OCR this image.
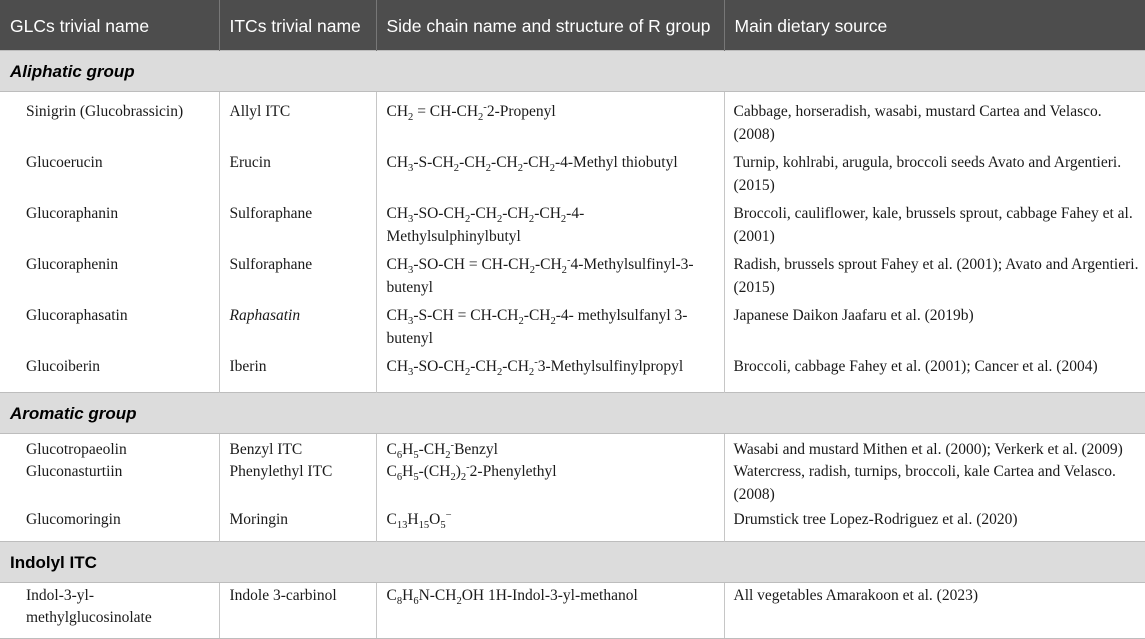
GLCs trivial name	ITCs trivial name	Side chain name and structure of R group	Main dietary source
Aliphatic group			
Sinigrin (Glucobrassicin)	Allyl ITC	$CH_2$ = $CH-CH_2^-2$-Propenyl	Cabbage, horseradish, wasabi, mustard Cartea and Velasco. (2008)
Glucoerucin	Erucin	$CH_3-S-CH_2-CH_2-CH_2-CH_2-4$-Methyl thiobutyl	Turnip, kohlrabi, arugula, broccoli seeds Avato and Argentieri. (2015)
Glucoraphanin	Sulforaphane	$CH_3-SO-CH_2-CH_2-CH_2-CH_2-4$-Methylsulphinylbutyl	Broccoli, cauliflower, kale, brussels sprout, cabbage Fahey et al. (2001)
Glucoraphenin	Sulforaphane	$CH_3-SO-CH$ = $CH-CH_2-CH_2^-4-Methylsulfinyl-3$-butenyl	Radish, brussels sprout Fahey et al. (2001); Avato and Argentieri. (2015)
Glucoraphasatin	Raphasatin	$CH_3-S-CH = CH-CH_2-CH_2-4-$ methylsulfanyl 3-butenyl	Japanese Daikon Jaafaru et al. (2019b)
Glucoiberin	Iberin	$CH_3-SO-CH_2-CH_2-CH_2^-3$-Methylsulfinylpropyl	Broccoli, cabbage Fahey et al. (2001); Cancer et al. (2004)
Aromatic group			
Glucotropaeolin	Benzyl ITC	$C_6H_5-CH_2^-Benzyl$	Wasabi and mustard Mithen et al. (2000); Verkerk et al. (2009)
Gluconasturtiin	Phenylethyl ITC	$C_6H_5-(CH_2)_2^-2$-Phenylethyl	Watercress, radish, turnips, broccoli, kale Cartea and Velasco. (2008)
Glucomoringin	Moringin	$C_{13}H_{15}O_5^-$	Drumstick tree Lopez-Rodriguez et al. (2020)
Indolyl ITC			
Indol-3-yl-methylglucosinolate	Indole 3-carbinol	$C_8H_6N-CH_2OH$ 1H-Indol-3-yl-methanol	All vegetables Amarakoon et al. (2023)
